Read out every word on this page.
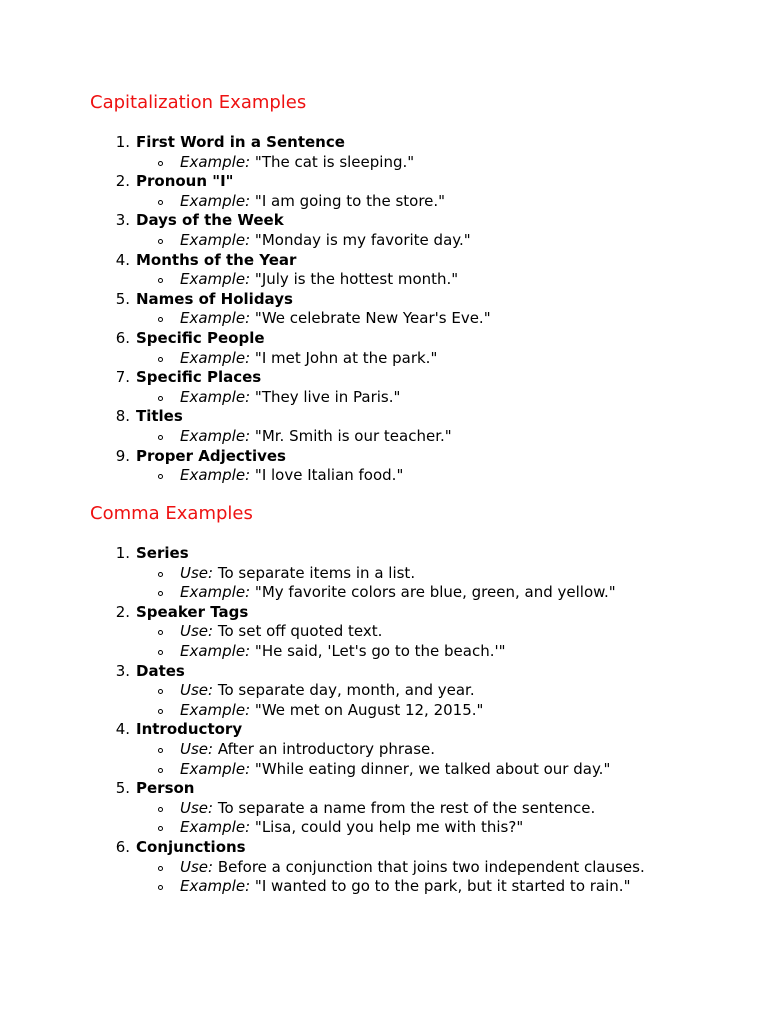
Capitalization Examples
1. First Word in a Sentence
Example: "The cat is sleeping."
2. Pronoun "I"
Example: "I am going to the store."
3. Days of the Week
Example: "Monday is my favorite day."
4. Months of the Year
Example: "July is the hottest month."
5. Names of Holidays
Example: "We celebrate New Year's Eve."
6. Specific People
Example: "I met John at the park."
7. Specific Places
Example: "They live in Paris."
8. Titles
Example: "Mr. Smith is our teacher."
9. Proper Adjectives
Example: "I love Italian food."
Comma Examples
1. Series
Use: To separate items in a list.
Example: "My favorite colors are blue, green, and yellow."
2. Speaker Tags
Use: To set off quoted text.
Example: "He said, 'Let's go to the beach.'"
3. Dates
Use: To separate day, month, and year.
Example: "We met on August 12, 2015."
4. Introductory
Use: After an introductory phrase.
Example: "While eating dinner, we talked about our day."
5. Person
Use: To separate a name from the rest of the sentence.
Example: "Lisa, could you help me with this?"
6. Conjunctions
Use: Before a conjunction that joins two independent clauses.
Example: "I wanted to go to the park, but it started to rain."
